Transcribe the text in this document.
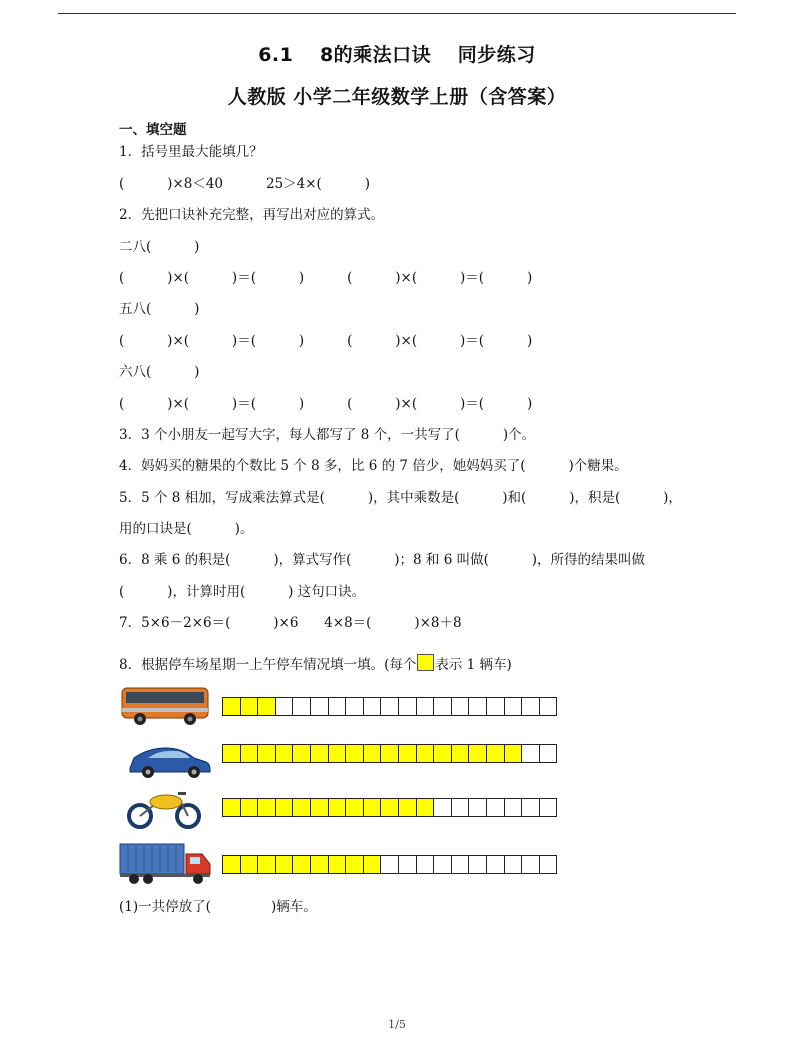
6.1　 8的乘法口诀　 同步练习
人教版 小学二年级数学上册（含答案）
一、填空题
1．括号里最大能填几？
(          )×8＜40          25＞4×(          )
2．先把口诀补充完整，再写出对应的算式。
二八(          )
(          )×(          )＝(          )          (          )×(          )＝(          )
五八(          )
(          )×(          )＝(          )          (          )×(          )＝(          )
六八(          )
(          )×(          )＝(          )          (          )×(          )＝(          )
3．3 个小朋友一起写大字，每人都写了 8 个，一共写了(          )个。
4．妈妈买的糖果的个数比 5 个 8 多，比 6 的 7 倍少，她妈妈买了(          )个糖果。
5．5 个 8 相加，写成乘法算式是(          )，其中乘数是(          )和(          )，积是(          )，
用的口诀是(          )。
6．8 乘 6 的积是(          )，算式写作(          )；8 和 6 叫做(          )，所得的结果叫做
(          )，计算时用(          ) 这句口诀。
7．5×6－2×6＝(          )×6      4×8＝(          )×8＋8
8．根据停车场星期一上午停车情况填一填。(每个 表示 1 辆车)
(1)一共停放了(              )辆车。
1/5
